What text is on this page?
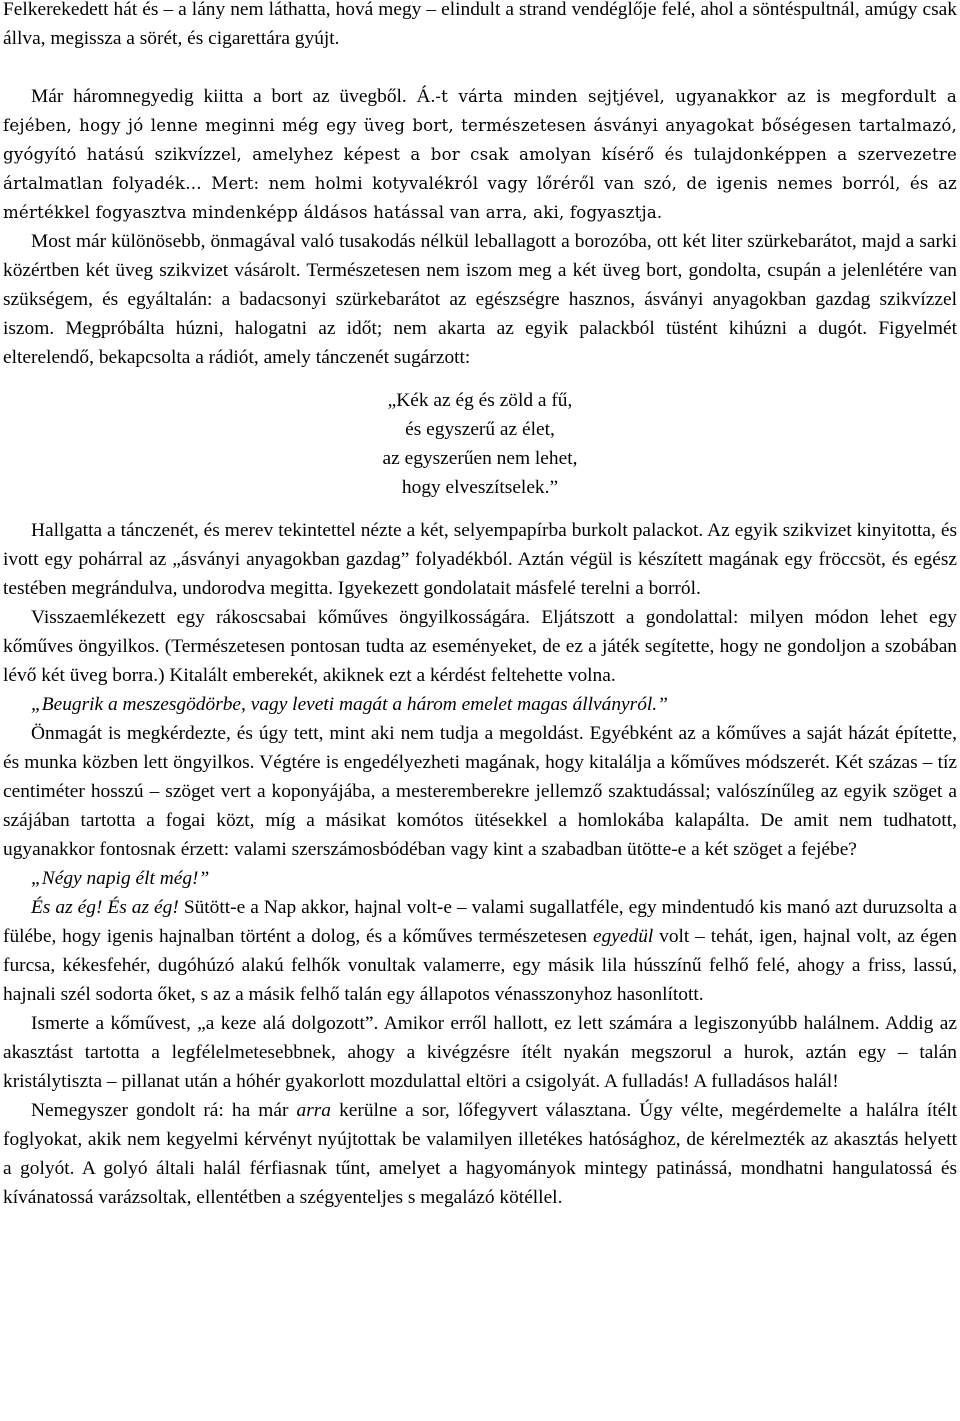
Felkerekedett hát és – a lány nem láthatta, hová megy – elindult a strand vendéglője felé, ahol a söntéspultnál, amúgy csak állva, megissza a sörét, és cigarettára gyújt.

Már háromnegyedig kiitta a bort az üvegből. Á.-t várta minden sejtjével, ugyanakkor az is megfordult a fejében, hogy jó lenne meginni még egy üveg bort, természetesen ásványi anyagokat bőségesen tartalmazó, gyógyító hatású szikvízzel, amelyhez képest a bor csak amolyan kísérő és tulajdonképpen a szervezetre ártalmatlan folyadék… Mert: nem holmi kotyvalékról vagy lőréről van szó, de igenis nemes borról, és az mértékkel fogyasztva mindenképp áldásos hatással van arra, aki, fogyasztja.

Most már különösebb, önmagával való tusakodás nélkül leballagott a borozóba, ott két liter szürkebarátot, majd a sarki közértben két üveg szikvizet vásárolt. Természetesen nem iszom meg a két üveg bort, gondolta, csupán a jelenlétére van szükségem, és egyáltalán: a badacsonyi szürkebarátot az egészségre hasznos, ásványi anyagokban gazdag szikvízzel iszom. Megpróbálta húzni, halogatni az időt; nem akarta az egyik palackból tüstént kihúzni a dugót. Figyelmét elterelendő, bekapcsolta a rádiót, amely tánczenét sugárzott:

„Kék az ég és zöld a fű,
és egyszerű az élet,
az egyszerűen nem lehet,
hogy elveszítselek.”

Hallgatta a tánczenét, és merev tekintettel nézte a két, selyempapírba burkolt palackot. Az egyik szikvizet kinyitotta, és ivott egy pohárral az „ásványi anyagokban gazdag” folyadékból. Aztán végül is készített magának egy fröccsöt, és egész testében megrándulva, undorodva megitta. Igyekezett gondolatait másfelé terelni a borról.

Visszaemlékezett egy rákoscsabai kőműves öngyilkosságára. Eljátszott a gondolattal: milyen módon lehet egy kőműves öngyilkos. (Természetesen pontosan tudta az eseményeket, de ez a játék segítette, hogy ne gondoljon a szobában lévő két üveg borra.) Kitalált emberekét, akiknek ezt a kérdést feltehette volna.

„Beugrik a meszesgödörbe, vagy leveti magát a három emelet magas állványról.”

Önmagát is megkérdezte, és úgy tett, mint aki nem tudja a megoldást. Egyébként az a kőműves a saját házát építette, és munka közben lett öngyilkos. Végtére is engedélyezheti magának, hogy kitalálja a kőműves módszerét. Két százas – tíz centiméter hosszú – szöget vert a koponyájába, a mesteremberekre jellemző szaktudással; valószínűleg az egyik szöget a szájában tartotta a fogai közt, míg a másikat komótos ütésekkel a homlokába kalapálta. De amit nem tudhatott, ugyanakkor fontosnak érzett: valami szerszámosbódéban vagy kint a szabadban ütötte-e a két szöget a fejébe?

„Négy napig élt még!”

És az ég! És az ég! Sütött-e a Nap akkor, hajnal volt-e – valami sugallatféle, egy mindentudó kis manó azt duruzsolta a fülébe, hogy igenis hajnalban történt a dolog, és a kőműves természetesen egyedül volt – tehát, igen, hajnal volt, az égen furcsa, kékesfehér, dugóhúzó alakú felhők vonultak valamerre, egy másik lila hússzínű felhő felé, ahogy a friss, lassú, hajnali szél sodorta őket, s az a másik felhő talán egy állapotos vénasszonyhoz hasonlított.

Ismerte a kőművest, „a keze alá dolgozott”. Amikor erről hallott, ez lett számára a legiszonyúbb halálnem. Addig az akasztást tartotta a legfélelmetesebbnek, ahogy a kivégzésre ítélt nyakán megszorul a hurok, aztán egy – talán kristálytiszta – pillanat után a hóhér gyakorlott mozdulattal eltöri a csigolyát. A fulladás! A fulladásos halál!

Nemegyszer gondolt rá: ha már arra kerülne a sor, lőfegyvert választana. Úgy vélte, megérdemelte a halálra ítélt foglyokat, akik nem kegyelmi kérvényt nyújtottak be valamilyen illetékes hatósághoz, de kérelmezték az akasztás helyett a golyót. A golyó általi halál férfiasnak tűnt, amelyet a hagyományok mintegy patinássá, mondhatni hangulatossá és kívánatossá varázsoltak, ellentétben a szégyenteljes s megalázó kötéllel.
